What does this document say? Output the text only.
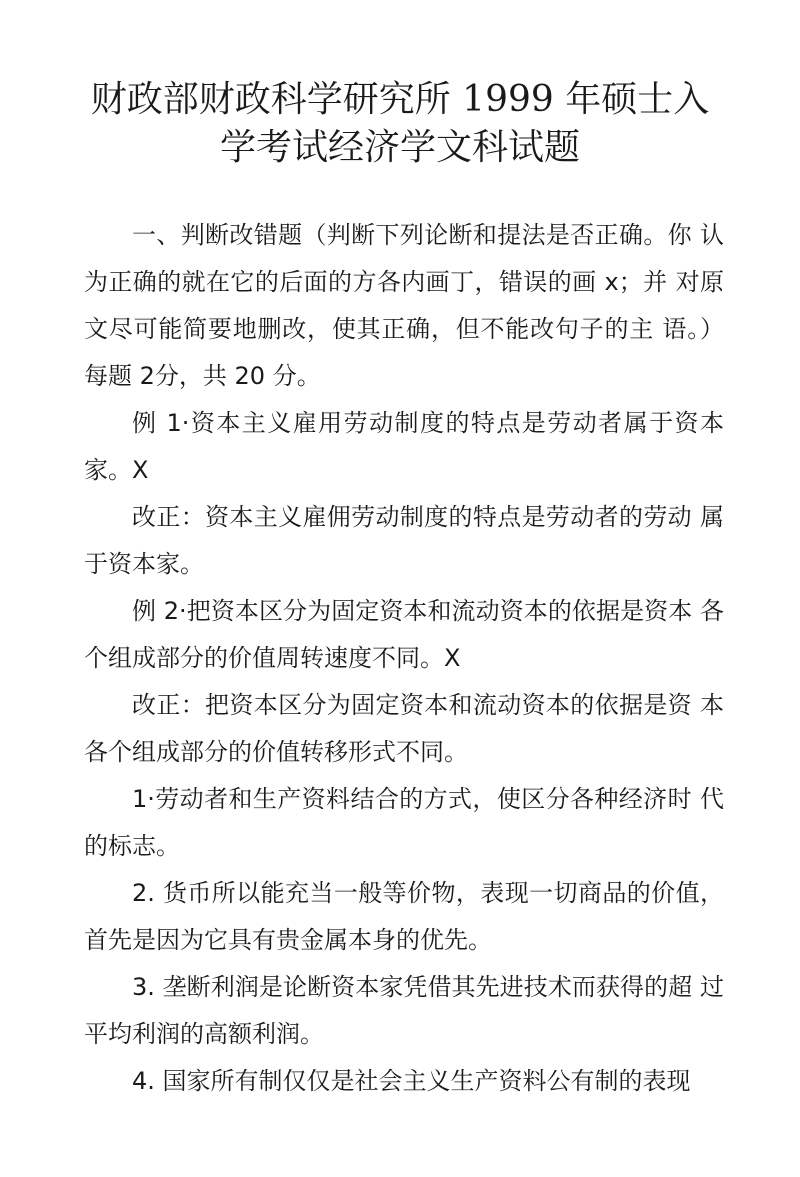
财政部财政科学研究所 1999 年硕士入
学考试经济学文科试题

一、判断改错题（判断下列论断和提法是否正确。你 认为正确的就在它的后面的方各内画丁，错误的画 x；并 对原文尽可能简要地删改，使其正确，但不能改句子的主 语。）每题 2分，共 20 分。

例 1·资本主义雇用劳动制度的特点是劳动者属于资本家。X

改正：资本主义雇佣劳动制度的特点是劳动者的劳动 属于资本家。

例 2·把资本区分为固定资本和流动资本的依据是资本 各个组成部分的价值周转速度不同。X

改正：把资本区分为固定资本和流动资本的依据是资 本各个组成部分的价值转移形式不同。

1·劳动者和生产资料结合的方式，使区分各种经济时 代的标志。

2. 货币所以能充当一般等价物，表现一切商品的价值，首先是因为它具有贵金属本身的优先。

3. 垄断利润是论断资本家凭借其先进技术而获得的超 过平均利润的高额利润。

4. 国家所有制仅仅是社会主义生产资料公有制的表现
